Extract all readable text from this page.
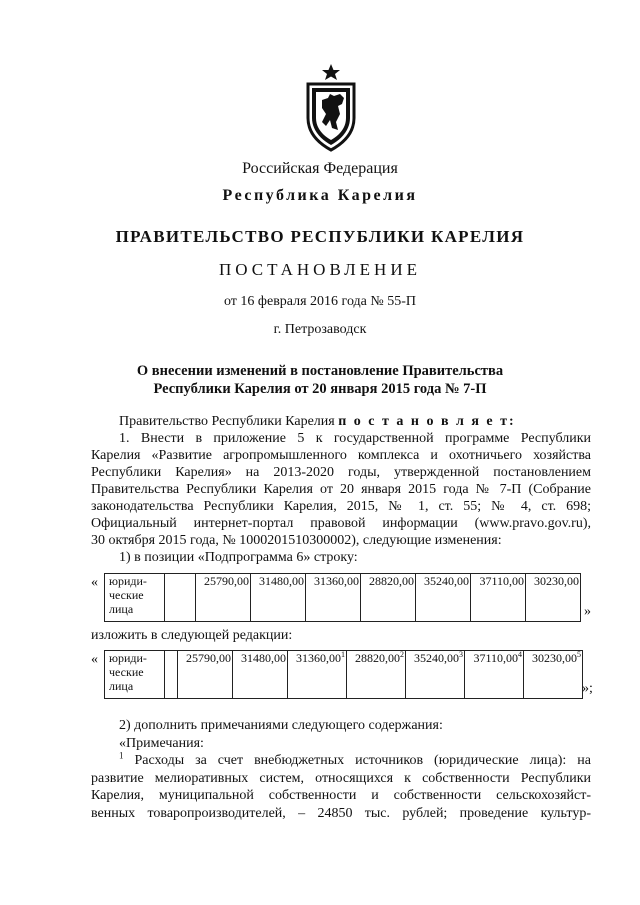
Российская Федерация
Республика Карелия
ПРАВИТЕЛЬСТВО РЕСПУБЛИКИ КАРЕЛИЯ
ПОСТАНОВЛЕНИЕ
от 16 февраля 2016 года № 55-П
г. Петрозаводск
О внесении изменений в постановление Правительства
Республики Карелия от 20 января 2015 года № 7-П
Правительство Республики Карелия п о с т а н о в л я е т:
1. Внести в приложение 5 к государственной программе Республики
Карелия «Развитие агропромышленного комплекса и охотничьего хозяйства
Республики Карелия» на 2013-2020 годы, утвержденной постановлением
Правительства Республики Карелия от 20 января 2015 года № 7-П (Собрание
законодательства Республики Карелия, 2015, № 1, ст. 55; № 4, ст. 698;
Официальный интернет-портал правовой информации (www.pravo.gov.ru),
30 октября 2015 года, № 1000201510300002), следующие изменения:
1) в позиции «Подпрограмма 6» строку:
« юриди-
ческие
лица
		25790,00	31480,00	31360,00	28820,00	35240,00	37110,00	30230,00
»
изложить в следующей редакции:
« юриди-
ческие
лица
		25790,00	31480,00	31360,00$^1$	28820,00$^2$	35240,00$^3$	37110,00$^4$	30230,00$^5$
»;
2) дополнить примечаниями следующего содержания:
«Примечания:
$^1$ Расходы за счет внебюджетных источников (юридические лица): на
развитие мелиоративных систем, относящихся к собственности Республики
Карелия, муниципальной собственности и собственности сельскохозяйст-
венных товаропроизводителей, – 24850 тыс. рублей; проведение культур-
